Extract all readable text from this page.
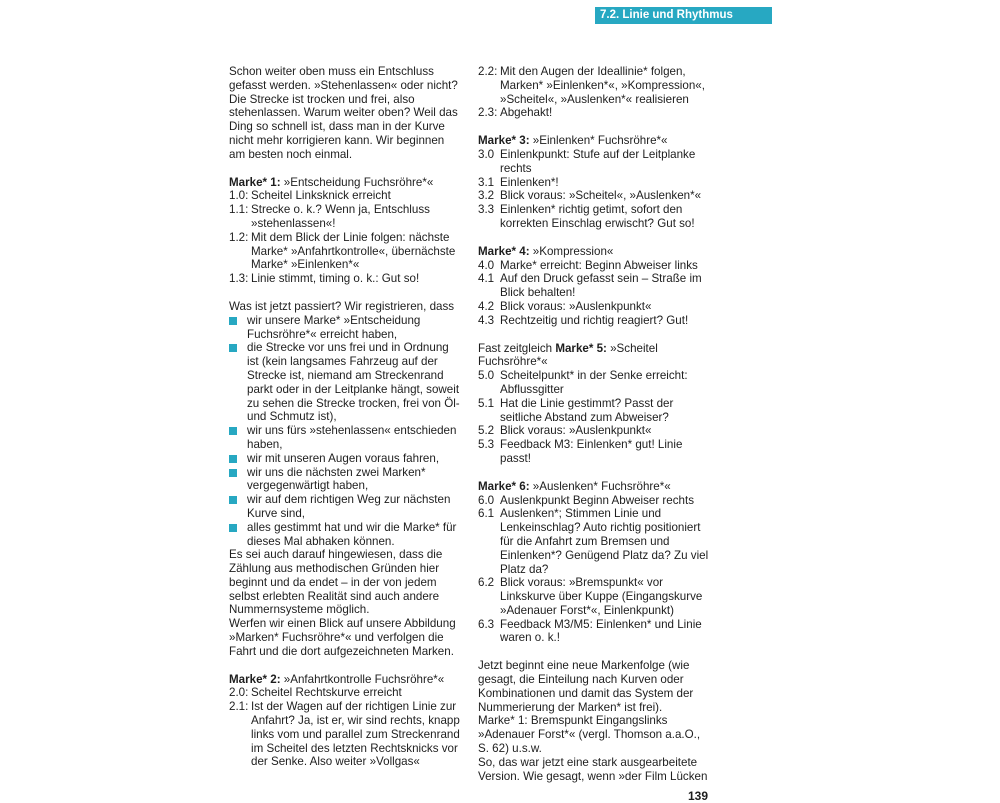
7.2. Linie und Rhythmus

Schon weiter oben muss ein Entschluss gefasst werden. »Stehenlassen« oder nicht? Die Strecke ist trocken und frei, also stehenlassen. Warum weiter oben? Weil das Ding so schnell ist, dass man in der Kurve nicht mehr korrigieren kann. Wir beginnen am besten noch einmal.

Marke* 1: »Entscheidung Fuchsröhre*«

1.0: Scheitel Linksknick erreicht
1.1: Strecke o. k.? Wenn ja, Entschluss »stehenlassen«!
1.2: Mit dem Blick der Linie folgen: nächste Marke* »Anfahrtkontrolle«, übernächste Marke* »Einlenken*«
1.3: Linie stimmt, timing o. k.: Gut so!

Was ist jetzt passiert? Wir registrieren, dass

wir unsere Marke* »Entscheidung Fuchsröhre*« erreicht haben,
die Strecke vor uns frei und in Ordnung ist (kein langsames Fahrzeug auf der Strecke ist, niemand am Streckenrand parkt oder in der Leitplanke hängt, soweit zu sehen die Strecke trocken, frei von Öl- und Schmutz ist),
wir uns fürs »stehenlassen« entschieden haben,
wir mit unseren Augen voraus fahren,
wir uns die nächsten zwei Marken* vergegenwärtigt haben,
wir auf dem richtigen Weg zur nächsten Kurve sind,
alles gestimmt hat und wir die Marke* für dieses Mal abhaken können.

Es sei auch darauf hingewiesen, dass die Zählung aus methodischen Gründen hier beginnt und da endet – in der von jedem selbst erlebten Realität sind auch andere Nummernsysteme möglich.

Werfen wir einen Blick auf unsere Abbildung »Marken* Fuchsröhre*« und verfolgen die Fahrt und die dort aufgezeichneten Marken.

Marke* 2: »Anfahrtkontrolle Fuchsröhre*«

2.0: Scheitel Rechtskurve erreicht
2.1: Ist der Wagen auf der richtigen Linie zur Anfahrt? Ja, ist er, wir sind rechts, knapp links vom und parallel zum Streckenrand im Scheitel des letzten Rechtsknicks vor der Senke. Also weiter »Vollgas«
2.2: Mit den Augen der Ideallinie* folgen, Marken* »Einlenken*«, »Kompression«, »Scheitel«, »Auslenken*« realisieren
2.3: Abgehakt!

Marke* 3: »Einlenken* Fuchsröhre*«

3.0 Einlenkpunkt: Stufe auf der Leitplanke rechts
3.1 Einlenken*!
3.2 Blick voraus: »Scheitel«, »Auslenken*«
3.3 Einlenken* richtig getimt, sofort den korrekten Einschlag erwischt? Gut so!

Marke* 4: »Kompression«

4.0 Marke* erreicht: Beginn Abweiser links
4.1 Auf den Druck gefasst sein – Straße im Blick behalten!
4.2 Blick voraus: »Auslenkpunkt«
4.3 Rechtzeitig und richtig reagiert? Gut!

Fast zeitgleich Marke* 5: »Scheitel Fuchsröhre*«

5.0 Scheitelpunkt* in der Senke erreicht: Abflussgitter
5.1 Hat die Linie gestimmt? Passt der seitliche Abstand zum Abweiser?
5.2 Blick voraus: »Auslenkpunkt«
5.3 Feedback M3: Einlenken* gut! Linie passt!

Marke* 6: »Auslenken* Fuchsröhre*«

6.0 Auslenkpunkt Beginn Abweiser rechts
6.1 Auslenken*; Stimmen Linie und Lenkeinschlag? Auto richtig positioniert für die Anfahrt zum Bremsen und Einlenken*? Genügend Platz da? Zu viel Platz da?
6.2 Blick voraus: »Bremspunkt« vor Linkskurve über Kuppe (Eingangskurve »Adenauer Forst*«, Einlenkpunkt)
6.3 Feedback M3/M5: Einlenken* und Linie waren o. k.!

Jetzt beginnt eine neue Markenfolge (wie gesagt, die Einteilung nach Kurven oder Kombinationen und damit das System der Nummerierung der Marken* ist frei).

Marke* 1: Bremspunkt Eingangslinks »Adenauer Forst*« (vergl. Thomson a.a.O., S. 62) u.s.w.

So, das war jetzt eine stark ausgearbeitete Version. Wie gesagt, wenn »der Film Lücken

139
